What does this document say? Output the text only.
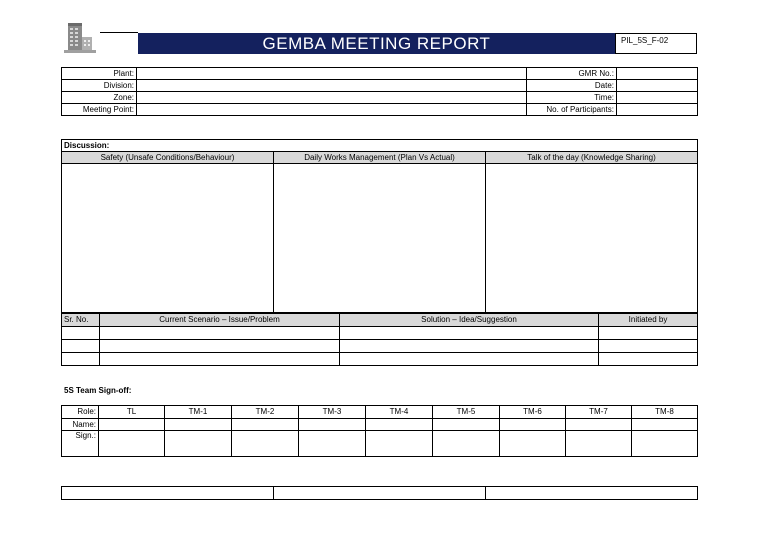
GEMBA MEETING REPORT	PIL_5S_F-02
Plant:		GMR No.:	
Division:		Date:	
Zone:		Time:	
Meeting Point:		No. of Participants:	
Discussion:		
Safety (Unsafe Conditions/Behaviour)	Daily Works Management (Plan Vs Actual)	Talk of the day (Knowledge Sharing)

Sr. No.	Current Scenario – Issue/Problem	Solution – Idea/Suggestion	Initiated by

5S Team Sign-off:
Role:	TL	TM-1	TM-2	TM-3	TM-4	TM-5	TM-6	TM-7	TM-8
Name:									
Sign.:									
